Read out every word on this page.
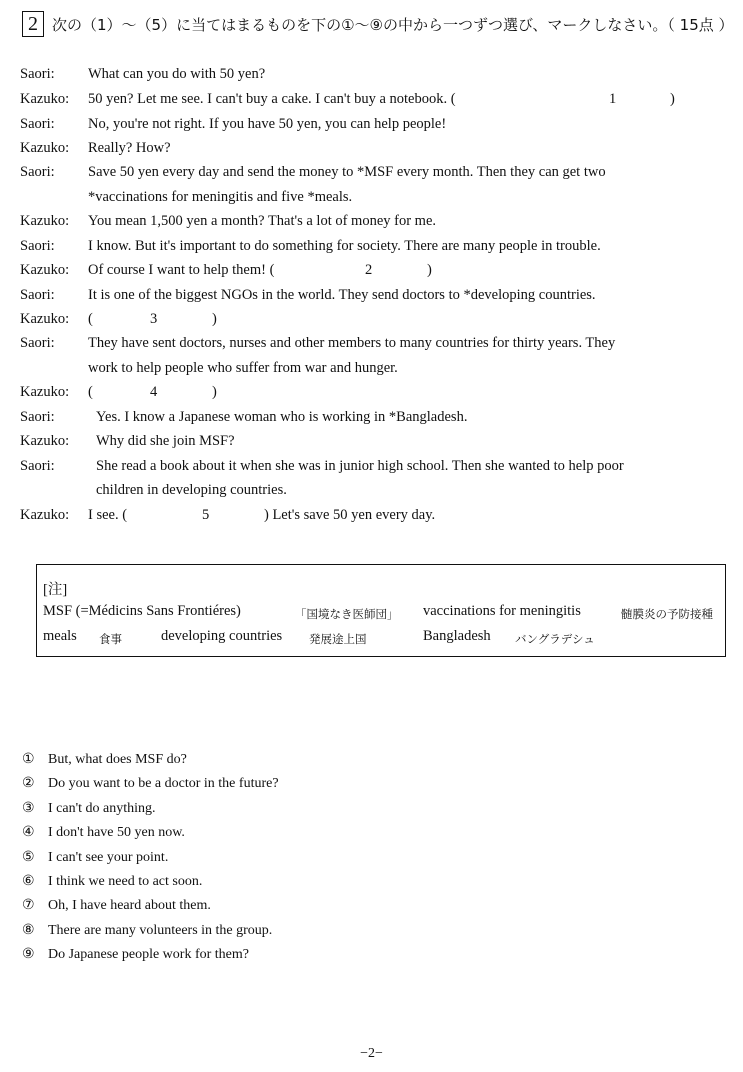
2 次の（1）～（5）に当てはまるものを下の①～⑨の中から一つずつ選び、マークしなさい。（ 15点 ）
Saori: What can you do with 50 yen?
Kazuko: 50 yen? Let me see. I can't buy a cake. I can't buy a notebook. (	1	)
Saori: No, you're not right. If you have 50 yen, you can help people!
Kazuko: Really? How?
Saori: Save 50 yen every day and send the money to *MSF every month. Then they can get two
*vaccinations for meningitis and five *meals.
Kazuko: You mean 1,500 yen a month? That's a lot of money for me.
Saori: I know. But it's important to do something for society. There are many people in trouble.
Kazuko: Of course I want to help them! (	2	)
Saori: It is one of the biggest NGOs in the world. They send doctors to *developing countries.
Kazuko: (	3	)
Saori: They have sent doctors, nurses and other members to many countries for thirty years. They
work to help people who suffer from war and hunger.
Kazuko: (	4	)
Saori:	Yes. I know a Japanese woman who is working in *Bangladesh.
Kazuko: Why did she join MSF?
Saori:	She read a book about it when she was in junior high school. Then she wanted to help poor
children in developing countries.
Kazuko: I see. (	5	) Let's save 50 yen every day.
[注]
MSF (=Médicins Sans Frontiéres)	「国境なき医師団」 vaccinations for meningitis	髄膜炎の予防接種
meals 食事	developing countries 発展途上国	Bangladesh バングラデシュ
① But, what does MSF do?
② Do you want to be a doctor in the future?
③ I can't do anything.
④ I don't have 50 yen now.
⑤ I can't see your point.
⑥ I think we need to act soon.
⑦ Oh, I have heard about them.
⑧ There are many volunteers in the group.
⑨ Do Japanese people work for them?
−2−
